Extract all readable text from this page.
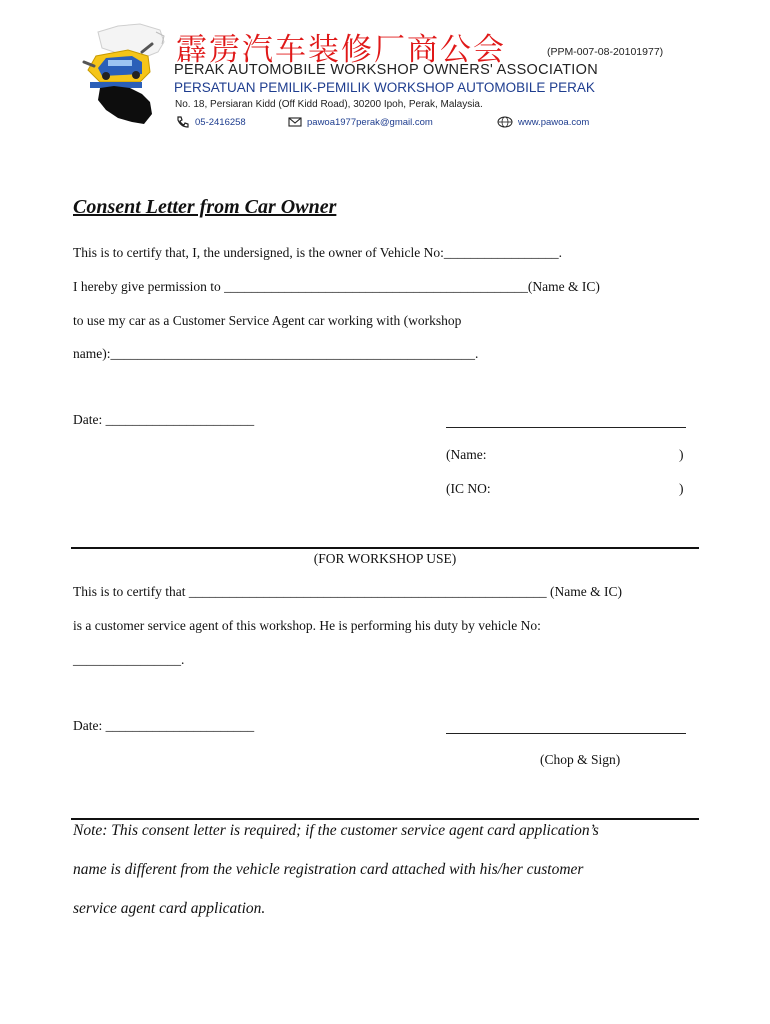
霹雳汽车装修厂商公会	(PPM-007-08-20101977)
PERAK AUTOMOBILE WORKSHOP OWNERS' ASSOCIATION
PERSATUAN PEMILIK-PEMILIK WORKSHOP AUTOMOBILE PERAK
No. 18, Persiaran Kidd (Off Kidd Road), 30200 Ipoh, Perak, Malaysia.
05-2416258	pawoa1977perak@gmail.com	www.pawoa.com
Consent Letter from Car Owner
This is to certify that, I, the undersigned, is the owner of Vehicle No:_________________.
I hereby give permission to _____________________________________________(Name & IC)
to use my car as a Customer Service Agent car working with (workshop
name):______________________________________________________.
Date: ______________________
(Name:	)
(IC NO:	)
(FOR WORKSHOP USE)
This is to certify that _____________________________________________________ (Name & IC)
is a customer service agent of this workshop. He is performing his duty by vehicle No:
________________.
Date: ______________________
(Chop & Sign)
Note: This consent letter is required; if the customer service agent card application’s
name is different from the vehicle registration card attached with his/her customer
service agent card application.
